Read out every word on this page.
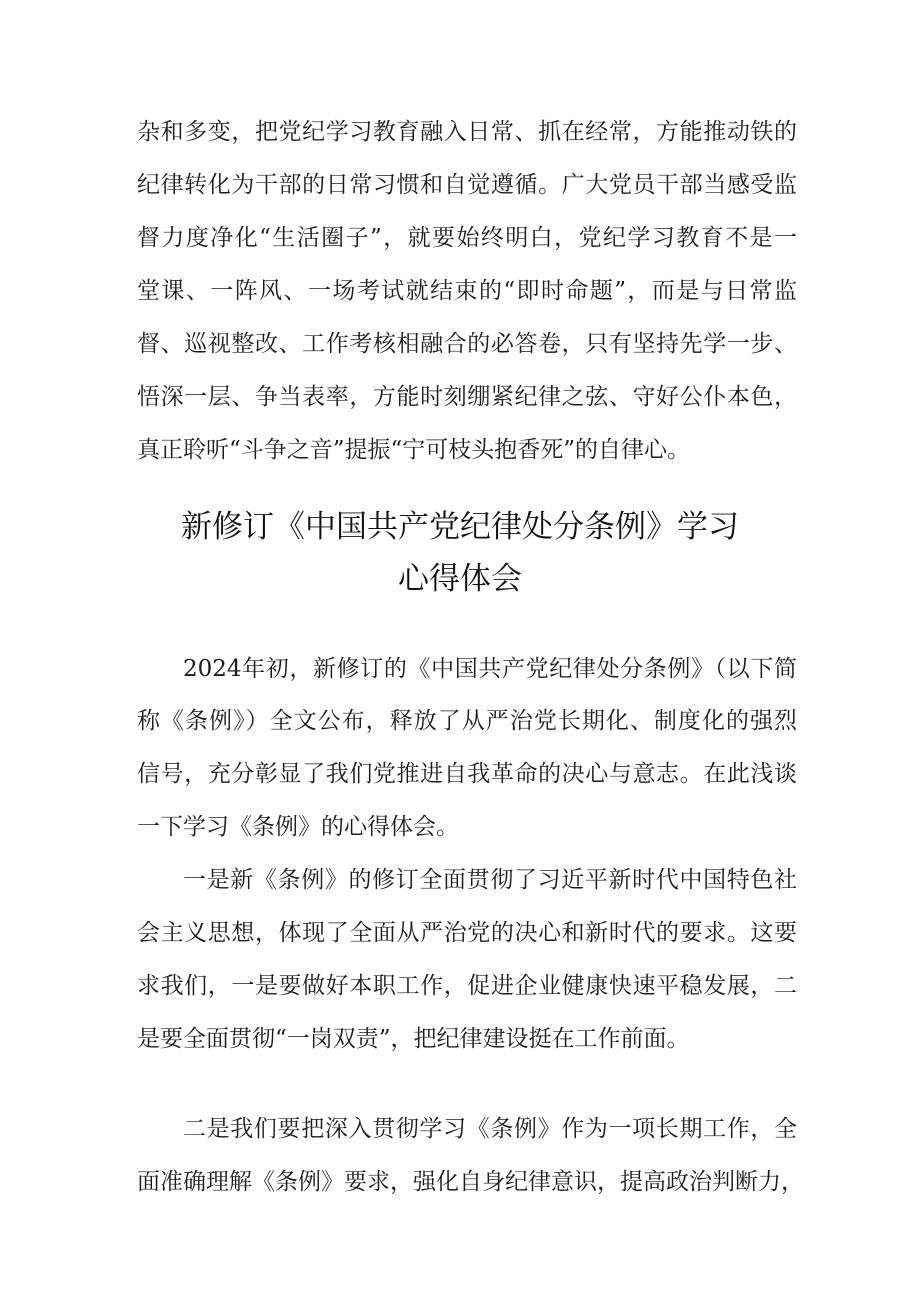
杂和多变，把党纪学习教育融入日常、抓在经常，方能推动铁的
纪律转化为干部的日常习惯和自觉遵循。广大党员干部当感受监
督力度净化“生活圈子”，就要始终明白，党纪学习教育不是一
堂课、一阵风、一场考试就结束的“即时命题”，而是与日常监
督、巡视整改、工作考核相融合的必答卷，只有坚持先学一步、
悟深一层、争当表率，方能时刻绷紧纪律之弦、守好公仆本色，
真正聆听“斗争之音”提振“宁可枝头抱香死”的自律心。
新修订《中国共产党纪律处分条例》学习
心得体会
2024年初，新修订的《中国共产党纪律处分条例》（以下简
称《条例》）全文公布，释放了从严治党长期化、制度化的强烈
信号，充分彰显了我们党推进自我革命的决心与意志。在此浅谈
一下学习《条例》的心得体会。
一是新《条例》的修订全面贯彻了习近平新时代中国特色社
会主义思想，体现了全面从严治党的决心和新时代的要求。这要
求我们，一是要做好本职工作，促进企业健康快速平稳发展，二
是要全面贯彻“一岗双责”，把纪律建设挺在工作前面。
二是我们要把深入贯彻学习《条例》作为一项长期工作，全
面准确理解《条例》要求，强化自身纪律意识，提高政治判断力，
